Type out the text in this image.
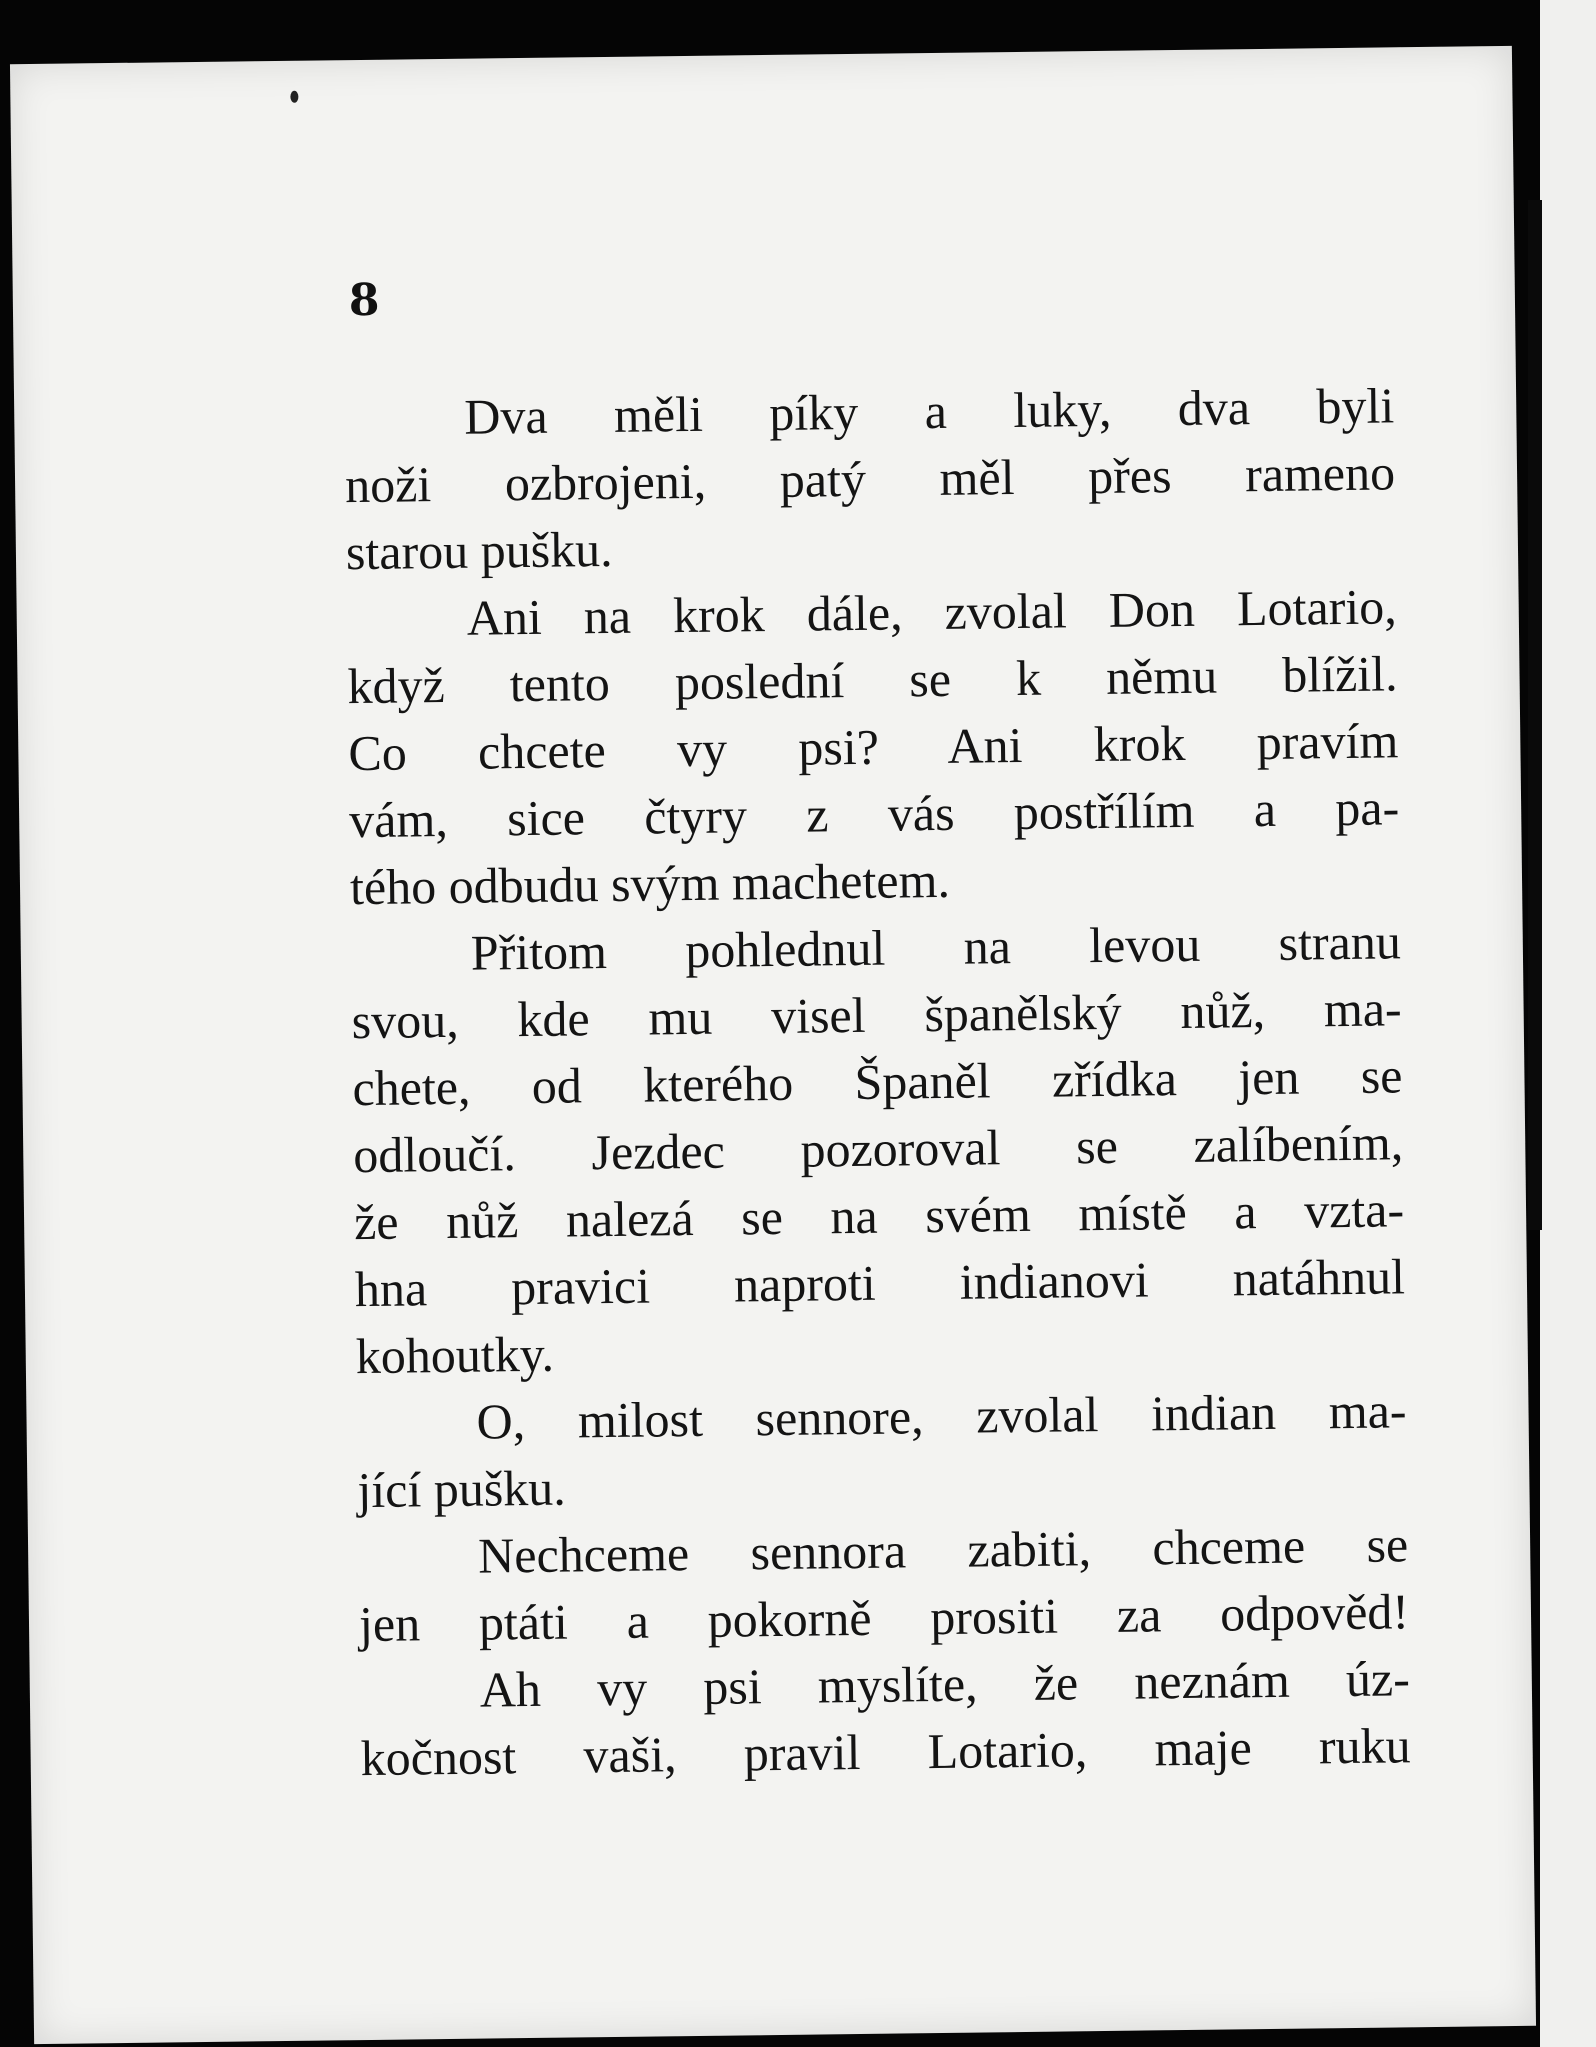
8
Dva měli píky a luky, dva byli
noži ozbrojeni, patý měl přes rameno
starou pušku.
Ani na krok dále, zvolal Don Lotario,
když tento poslední se k němu blížil.
Co chcete vy psi? Ani krok pravím
vám, sice čtyry z vás postřílím a pa-
tého odbudu svým machetem.
Přitom pohlednul na levou stranu
svou, kde mu visel španělský nůž, ma-
chete, od kterého Španěl zřídka jen se
odloučí. Jezdec pozoroval se zalíbením,
že nůž nalezá se na svém místě a vzta-
hna pravici naproti indianovi natáhnul
kohoutky.
O, milost sennore, zvolal indian ma-
jící pušku.
Nechceme sennora zabiti, chceme se
jen ptáti a pokorně prositi za odpověd!
Ah vy psi myslíte, že neznám úz-
kočnost vaši, pravil Lotario, maje ruku
